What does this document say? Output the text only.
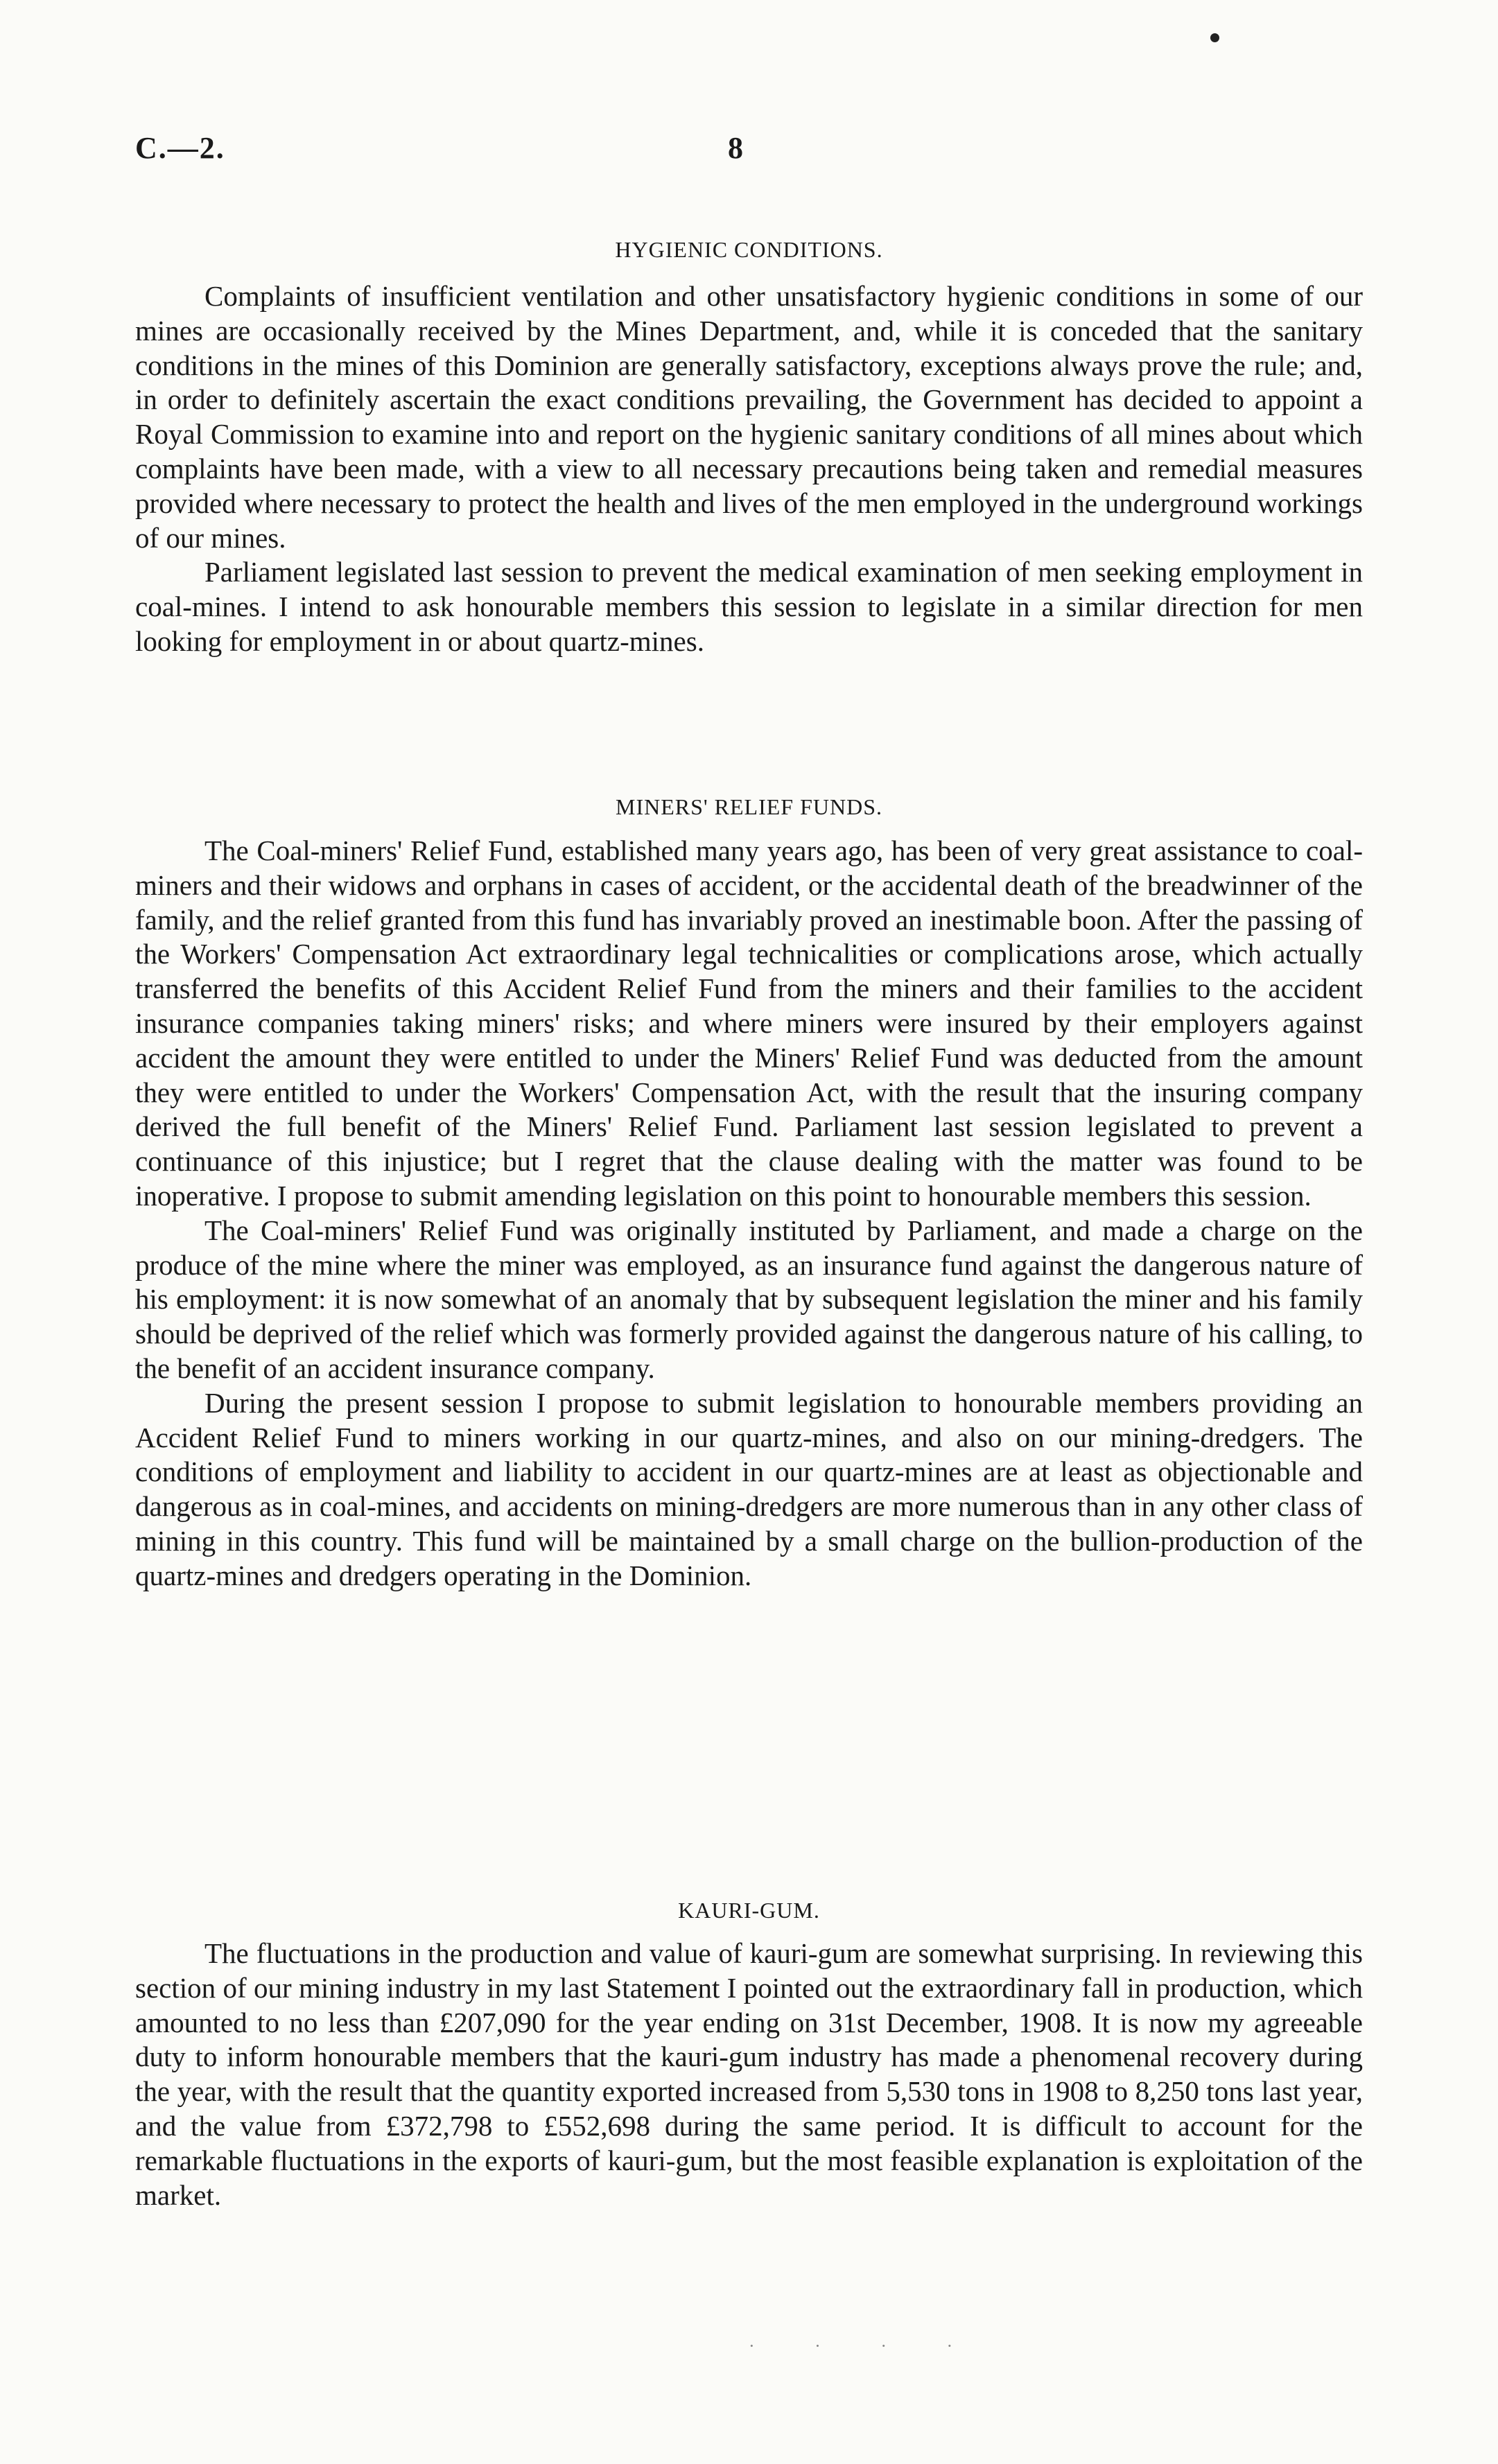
C.—2.	8
HYGIENIC CONDITIONS.

Complaints of insufficient ventilation and other unsatisfactory hygienic conditions in some of our mines are occasionally received by the Mines Department, and, while it is conceded that the sanitary conditions in the mines of this Dominion are generally satisfactory, exceptions always prove the rule; and, in order to definitely ascertain the exact conditions prevailing, the Government has decided to appoint a Royal Commission to examine into and report on the hygienic sanitary conditions of all mines about which complaints have been made, with a view to all necessary precautions being taken and remedial measures provided where necessary to protect the health and lives of the men employed in the underground workings of our mines.

Parliament legislated last session to prevent the medical examination of men seeking employment in coal-mines. I intend to ask honourable members this session to legislate in a similar direction for men looking for employment in or about quartz-mines.

MINERS' RELIEF FUNDS.

The Coal-miners' Relief Fund, established many years ago, has been of very great assistance to coal-miners and their widows and orphans in cases of accident, or the accidental death of the breadwinner of the family, and the relief granted from this fund has invariably proved an inestimable boon. After the passing of the Workers' Compensation Act extraordinary legal technicalities or complications arose, which actually transferred the benefits of this Accident Relief Fund from the miners and their families to the accident insurance companies taking miners' risks; and where miners were insured by their employers against accident the amount they were entitled to under the Miners' Relief Fund was deducted from the amount they were entitled to under the Workers' Compensation Act, with the result that the insuring company derived the full benefit of the Miners' Relief Fund. Parliament last session legislated to prevent a continuance of this injustice; but I regret that the clause dealing with the matter was found to be inoperative. I propose to submit amending legislation on this point to honourable members this session.

The Coal-miners' Relief Fund was originally instituted by Parliament, and made a charge on the produce of the mine where the miner was employed, as an insurance fund against the dangerous nature of his employment: it is now somewhat of an anomaly that by subsequent legislation the miner and his family should be deprived of the relief which was formerly provided against the dangerous nature of his calling, to the benefit of an accident insurance company.

During the present session I propose to submit legislation to honourable members providing an Accident Relief Fund to miners working in our quartz-mines, and also on our mining-dredgers. The conditions of employment and liability to accident in our quartz-mines are at least as objectionable and dangerous as in coal-mines, and accidents on mining-dredgers are more numerous than in any other class of mining in this country. This fund will be maintained by a small charge on the bullion-production of the quartz-mines and dredgers operating in the Dominion.

KAURI-GUM.

The fluctuations in the production and value of kauri-gum are somewhat surprising. In reviewing this section of our mining industry in my last Statement I pointed out the extraordinary fall in production, which amounted to no less than £207,090 for the year ending on 31st December, 1908. It is now my agreeable duty to inform honourable members that the kauri-gum industry has made a phenomenal recovery during the year, with the result that the quantity exported increased from 5,530 tons in 1908 to 8,250 tons last year, and the value from £372,798 to £552,698 during the same period. It is difficult to account for the remarkable fluctuations in the exports of kauri-gum, but the most feasible explanation is exploitation of the market.

· · · ·
